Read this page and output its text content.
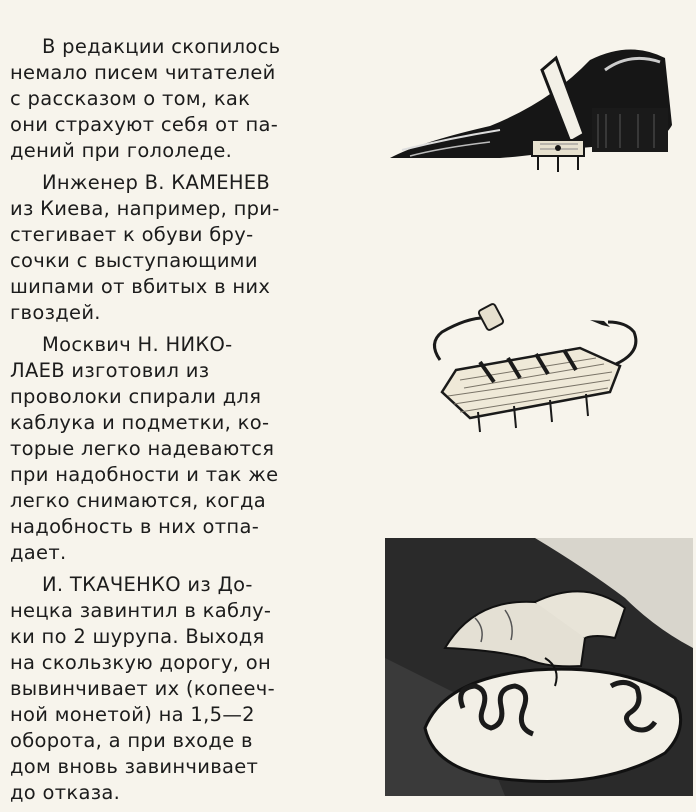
В редакции скопилось
немало писем читателей
с рассказом о том, как
они страхуют себя от па-
дений при гололеде.
Инженер В. КАМЕНЕВ
из Киева, например, при-
стегивает к обуви бру-
сочки с выступающими
шипами от вбитых в них
гвоздей.
Москвич Н. НИКО-
ЛАЕВ изготовил из
проволоки спирали для
каблука и подметки, ко-
торые легко надеваются
при надобности и так же
легко снимаются, когда
надобность в них отпа-
дает.
И. ТКАЧЕНКО из До-
нецка завинтил в каблу-
ки по 2 шурупа. Выходя
на скользкую дорогу, он
вывинчивает их (копееч-
ной монетой) на 1,5—2
оборота, а при входе в
дом вновь завинчивает
до отказа.
